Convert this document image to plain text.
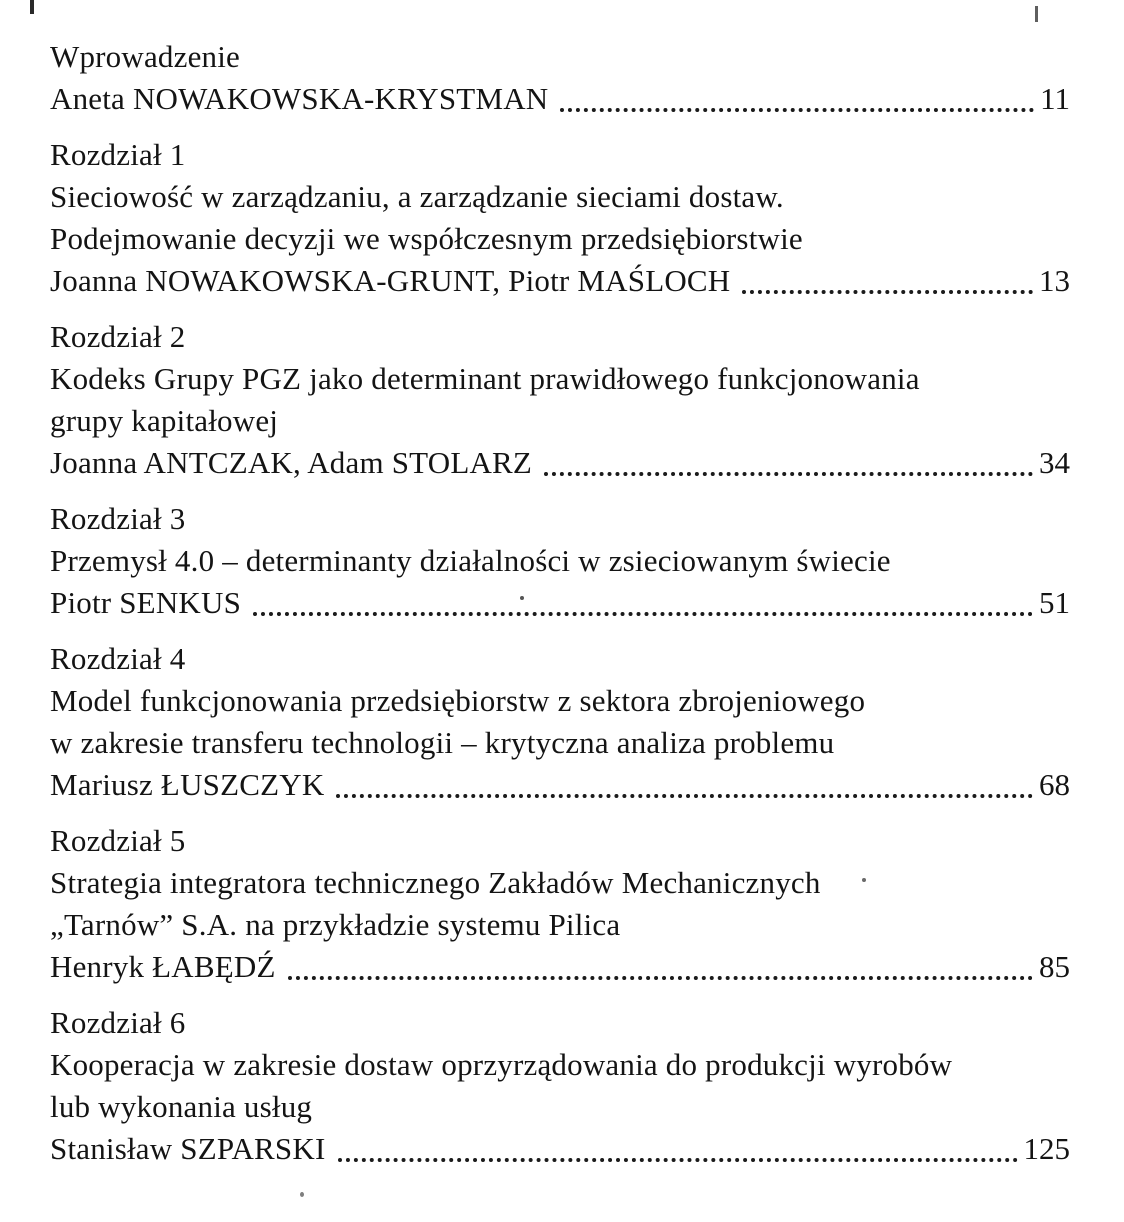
Wprowadzenie
Aneta NOWAKOWSKA-KRYSTMAN	11
Rozdział 1
Sieciowość w zarządzaniu, a zarządzanie sieciami dostaw.
Podejmowanie decyzji we współczesnym przedsiębiorstwie
Joanna NOWAKOWSKA-GRUNT, Piotr MAŚLOCH	13
Rozdział 2
Kodeks Grupy PGZ jako determinant prawidłowego funkcjonowania
grupy kapitałowej
Joanna ANTCZAK, Adam STOLARZ	34
Rozdział 3
Przemysł 4.0 – determinanty działalności w zsieciowanym świecie
Piotr SENKUS	51
Rozdział 4
Model funkcjonowania przedsiębiorstw z sektora zbrojeniowego
w zakresie transferu technologii – krytyczna analiza problemu
Mariusz ŁUSZCZYK	68
Rozdział 5
Strategia integratora technicznego Zakładów Mechanicznych
„Tarnów” S.A. na przykładzie systemu Pilica
Henryk ŁABĘDŹ	85
Rozdział 6
Kooperacja w zakresie dostaw oprzyrządowania do produkcji wyrobów
lub wykonania usług
Stanisław SZPARSKI	125
